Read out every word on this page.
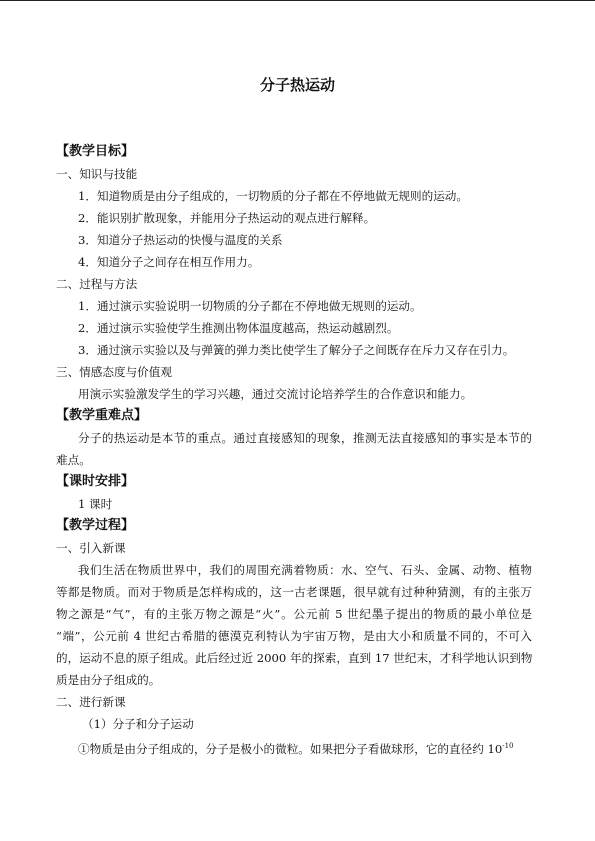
分子热运动
【教学目标】
一、知识与技能
1．知道物质是由分子组成的，一切物质的分子都在不停地做无规则的运动。
2．能识别扩散现象，并能用分子热运动的观点进行解释。
3．知道分子热运动的快慢与温度的关系
4．知道分子之间存在相互作用力。
二、过程与方法
1．通过演示实验说明一切物质的分子都在不停地做无规则的运动。
2．通过演示实验使学生推测出物体温度越高，热运动越剧烈。
3．通过演示实验以及与弹簧的弹力类比使学生了解分子之间既存在斥力又存在引力。
三、情感态度与价值观
用演示实验激发学生的学习兴趣，通过交流讨论培养学生的合作意识和能力。
【教学重难点】
分子的热运动是本节的重点。通过直接感知的现象，推测无法直接感知的事实是本节的
难点。
【课时安排】
1 课时
【教学过程】
一、引入新课
我们生活在物质世界中，我们的周围充满着物质：水、空气、石头、金属、动物、植物
等都是物质。而对于物质是怎样构成的，这一古老课题，很早就有过种种猜测，有的主张万
物之源是“气”，有的主张万物之源是“火”。公元前 5 世纪墨子提出的物质的最小单位是
“端”，公元前 4 世纪古希腊的德漠克利特认为宇宙万物，是由大小和质量不同的，不可入
的，运动不息的原子组成。此后经过近 2000 年的探索，直到 17 世纪末，才科学地认识到物
质是由分子组成的。
二、进行新课
（1）分子和分子运动
①物质是由分子组成的，分子是极小的微粒。如果把分子看做球形，它的直径约 $10^{-10}$
